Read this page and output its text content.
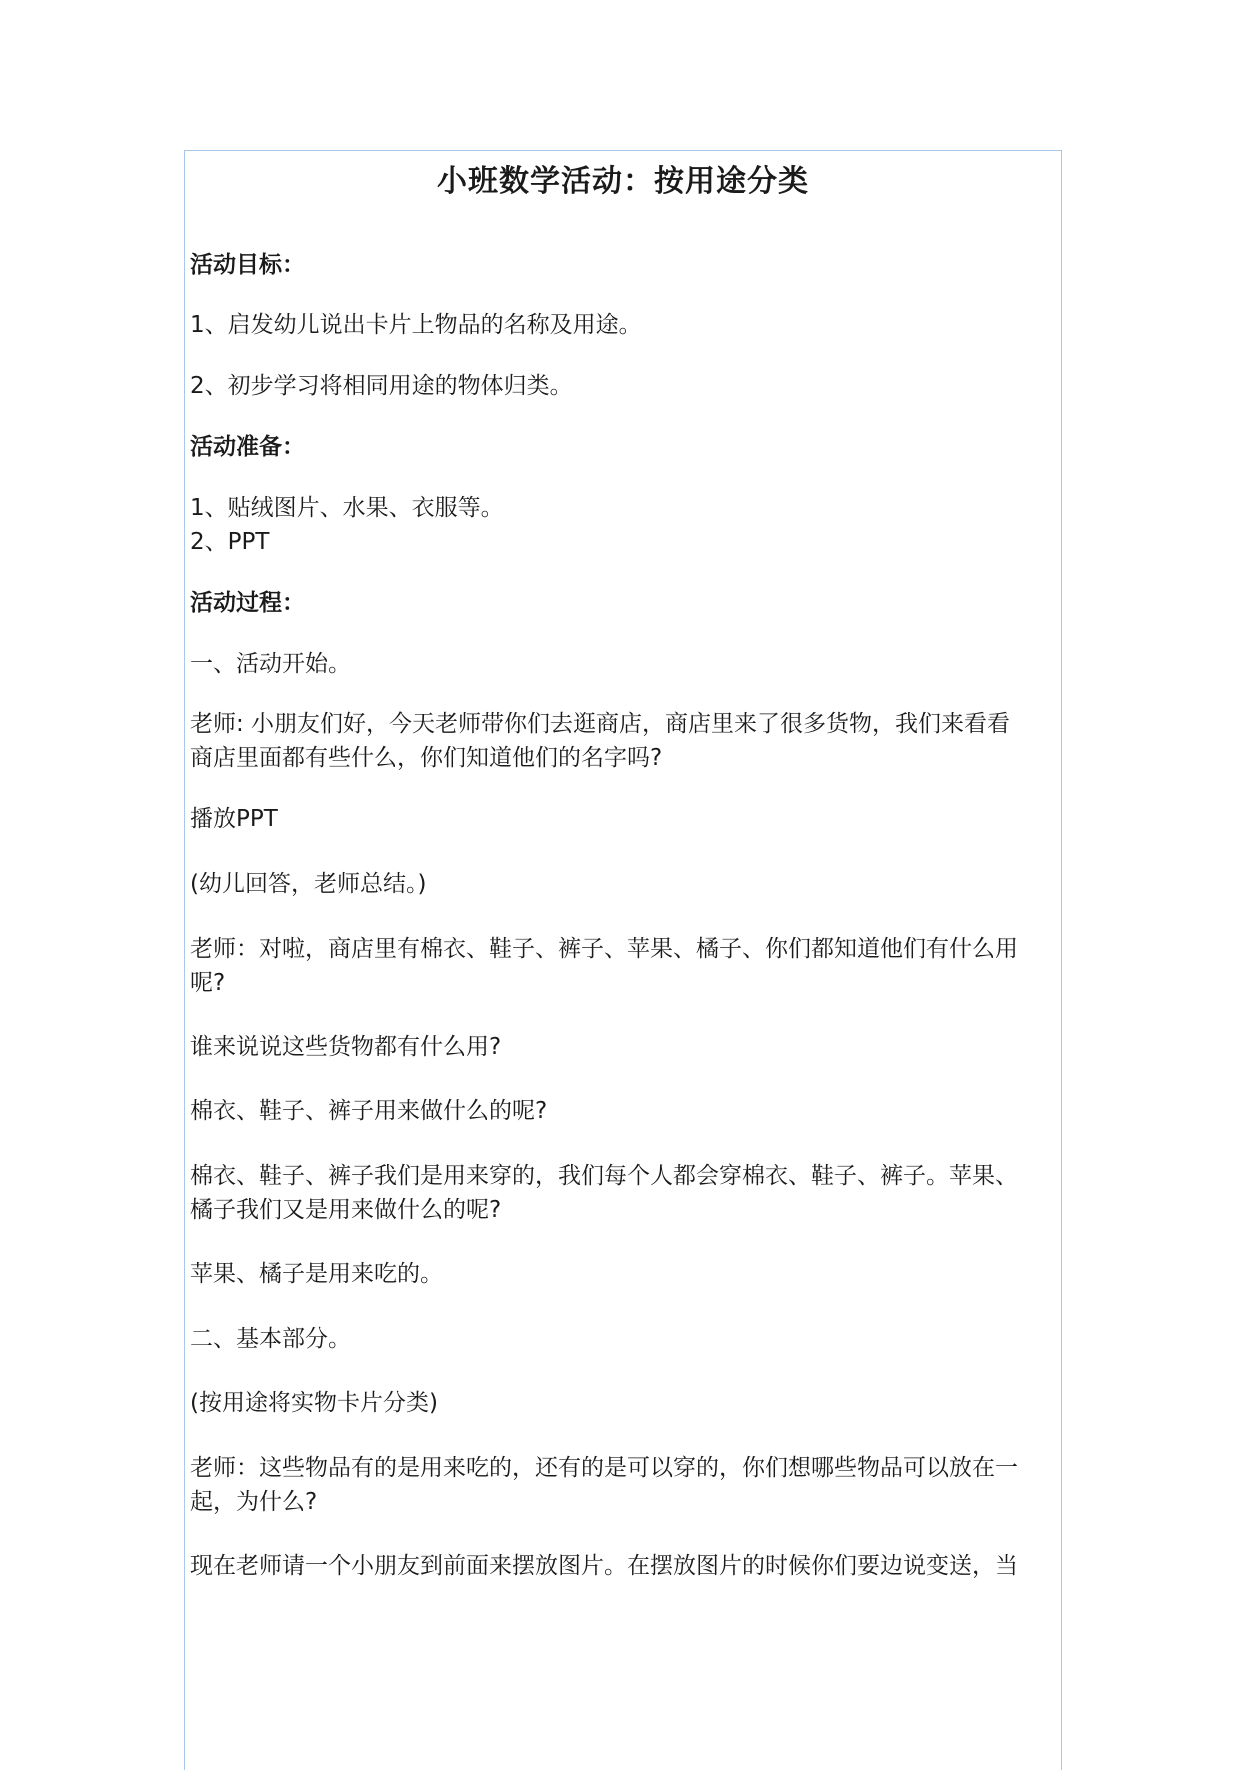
小班数学活动：按用途分类
活动目标：
1、启发幼儿说出卡片上物品的名称及用途。
2、初步学习将相同用途的物体归类。
活动准备：
1、贴绒图片、水果、衣服等。
2、PPT
活动过程：
一、活动开始。
老师: 小朋友们好，今天老师带你们去逛商店，商店里来了很多货物，我们来看看
商店里面都有些什么，你们知道他们的名字吗?
播放PPT
(幼儿回答，老师总结。)
老师：对啦，商店里有棉衣、鞋子、裤子、苹果、橘子、你们都知道他们有什么用
呢?
谁来说说这些货物都有什么用?
棉衣、鞋子、裤子用来做什么的呢?
棉衣、鞋子、裤子我们是用来穿的，我们每个人都会穿棉衣、鞋子、裤子。苹果、
橘子我们又是用来做什么的呢?
苹果、橘子是用来吃的。
二、基本部分。
(按用途将实物卡片分类)
老师：这些物品有的是用来吃的，还有的是可以穿的，你们想哪些物品可以放在一
起，为什么?
现在老师请一个小朋友到前面来摆放图片。在摆放图片的时候你们要边说变送，当
